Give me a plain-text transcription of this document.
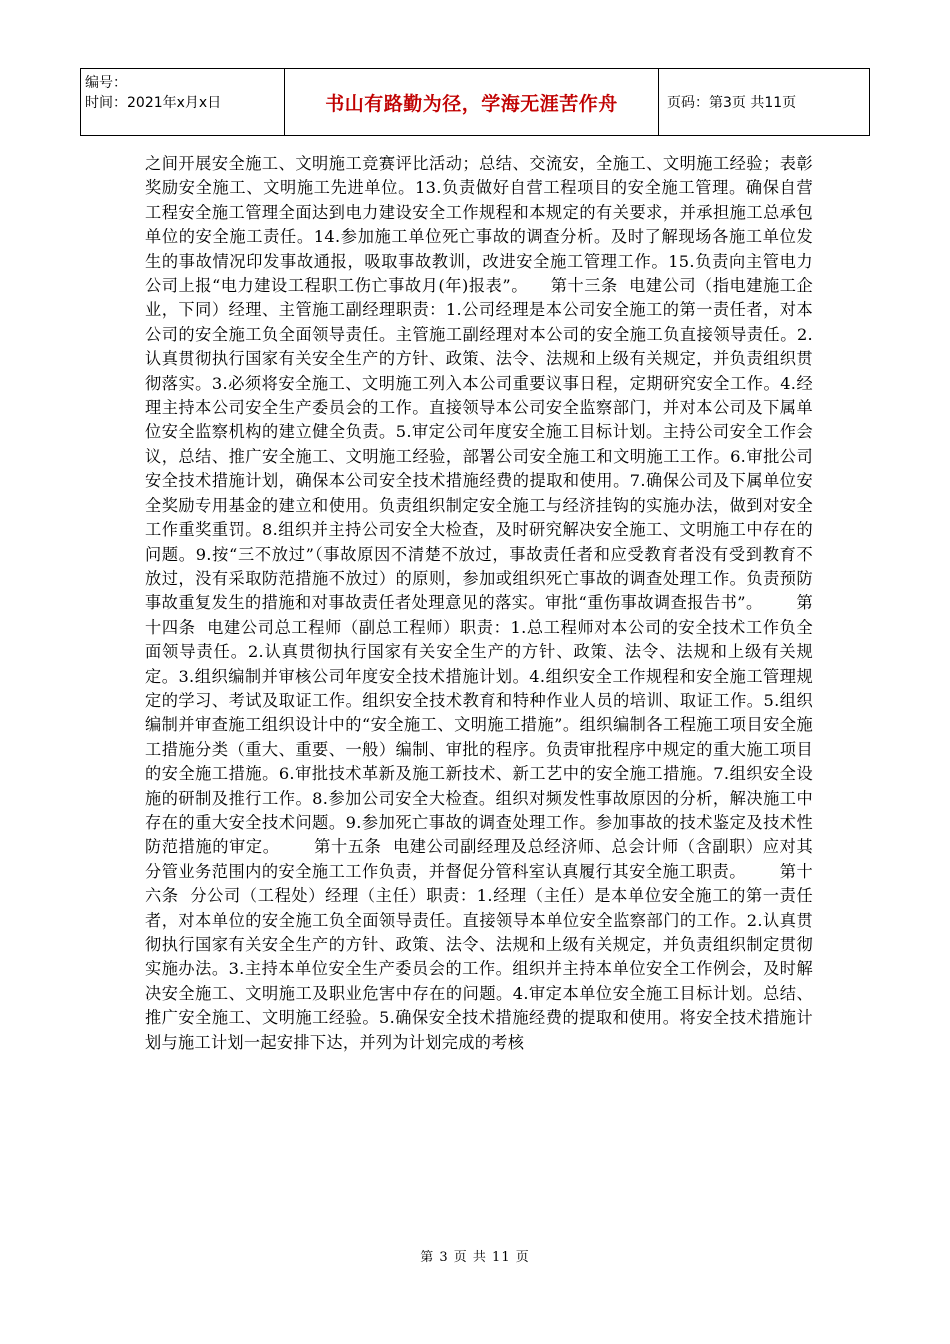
编号：
时间：2021年x月x日	书山有路勤为径，学海无涯苦作舟	页码：第3页 共11页

之间开展安全施工、文明施工竞赛评比活动；总结、交流安，全施工、文明施工经验；表彰奖励安全施工、文明施工先进单位。13.负责做好自营工程项目的安全施工管理。确保自营工程安全施工管理全面达到电力建设安全工作规程和本规定的有关要求，并承担施工总承包单位的安全施工责任。14.参加施工单位死亡事故的调查分析。及时了解现场各施工单位发生的事故情况印发事故通报，吸取事故教训，改进安全施工管理工作。15.负责向主管电力公司上报“电力建设工程职工伤亡事故月(年)报表”。    第十三条  电建公司（指电建施工企业，下同）经理、主管施工副经理职责：1.公司经理是本公司安全施工的第一责任者，对本公司的安全施工负全面领导责任。主管施工副经理对本公司的安全施工负直接领导责任。2.认真贯彻执行国家有关安全生产的方针、政策、法令、法规和上级有关规定，并负责组织贯彻落实。3.必须将安全施工、文明施工列入本公司重要议事日程，定期研究安全工作。4.经理主持本公司安全生产委员会的工作。直接领导本公司安全监察部门，并对本公司及下属单位安全监察机构的建立健全负责。5.审定公司年度安全施工目标计划。主持公司安全工作会议，总结、推广安全施工、文明施工经验，部署公司安全施工和文明施工工作。6.审批公司安全技术措施计划，确保本公司安全技术措施经费的提取和使用。7.确保公司及下属单位安全奖励专用基金的建立和使用。负责组织制定安全施工与经济挂钩的实施办法，做到对安全工作重奖重罚。8.组织并主持公司安全大检查，及时研究解决安全施工、文明施工中存在的问题。9.按“三不放过”（事故原因不清楚不放过，事故责任者和应受教育者没有受到教育不放过，没有采取防范措施不放过）的原则，参加或组织死亡事故的调查处理工作。负责预防事故重复发生的措施和对事故责任者处理意见的落实。审批“重伤事故调查报告书”。      第十四条  电建公司总工程师（副总工程师）职责：1.总工程师对本公司的安全技术工作负全面领导责任。2.认真贯彻执行国家有关安全生产的方针、政策、法令、法规和上级有关规定。3.组织编制并审核公司年度安全技术措施计划。4.组织安全工作规程和安全施工管理规定的学习、考试及取证工作。组织安全技术教育和特种作业人员的培训、取证工作。5.组织编制并审查施工组织设计中的“安全施工、文明施工措施”。组织编制各工程施工项目安全施工措施分类（重大、重要、一般）编制、审批的程序。负责审批程序中规定的重大施工项目的安全施工措施。6.审批技术革新及施工新技术、新工艺中的安全施工措施。7.组织安全设施的研制及推行工作。8.参加公司安全大检查。组织对频发性事故原因的分析，解决施工中存在的重大安全技术问题。9.参加死亡事故的调查处理工作。参加事故的技术鉴定及技术性防范措施的审定。      第十五条  电建公司副经理及总经济师、总会计师（含副职）应对其分管业务范围内的安全施工工作负责，并督促分管科室认真履行其安全施工职责。      第十六条  分公司（工程处）经理（主任）职责：1.经理（主任）是本单位安全施工的第一责任者，对本单位的安全施工负全面领导责任。直接领导本单位安全监察部门的工作。2.认真贯彻执行国家有关安全生产的方针、政策、法令、法规和上级有关规定，并负责组织制定贯彻实施办法。3.主持本单位安全生产委员会的工作。组织并主持本单位安全工作例会，及时解决安全施工、文明施工及职业危害中存在的问题。4.审定本单位安全施工目标计划。总结、推广安全施工、文明施工经验。5.确保安全技术措施经费的提取和使用。将安全技术措施计划与施工计划一起安排下达，并列为计划完成的考核

第 3 页 共 11 页
